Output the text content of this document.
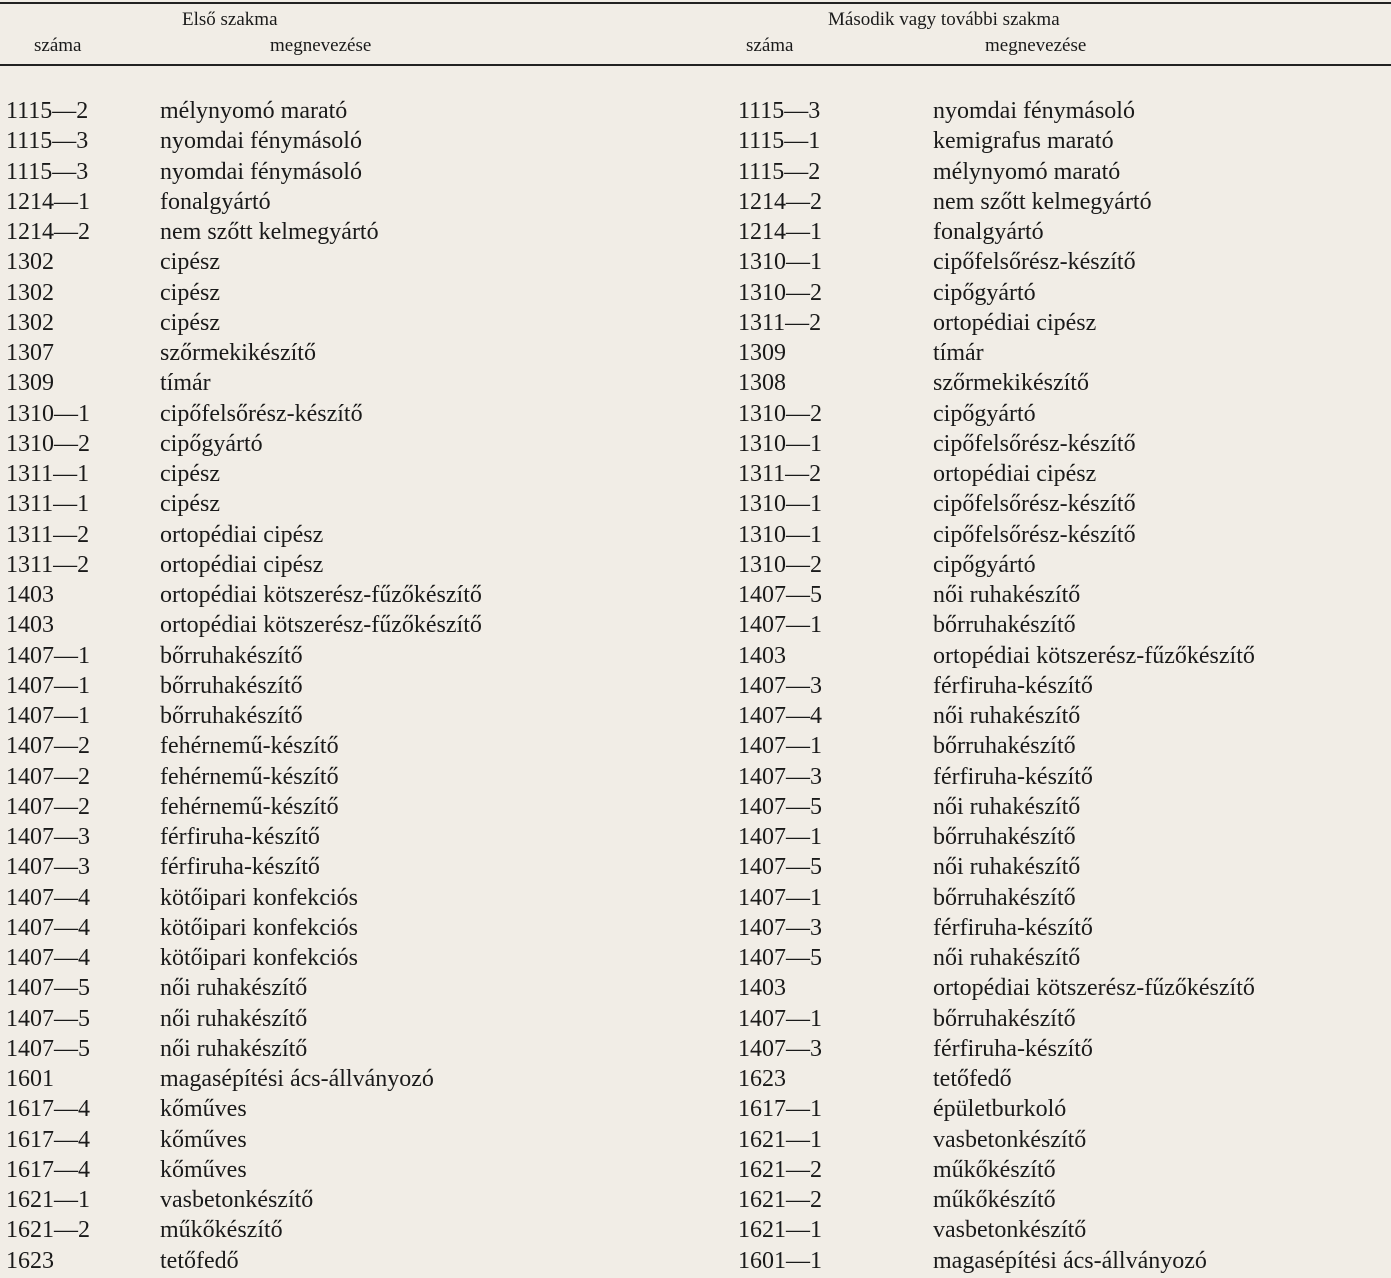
Első szakma
száma	megnevezése
Második vagy további szakma
száma	megnevezése
1115—2	mélynyomó marató	1115—3	nyomdai fénymásoló
1115—3	nyomdai fénymásoló	1115—1	kemigrafus marató
1115—3	nyomdai fénymásoló	1115—2	mélynyomó marató
1214—1	fonalgyártó	1214—2	nem szőtt kelmegyártó
1214—2	nem szőtt kelmegyártó	1214—1	fonalgyártó
1302	cipész	1310—1	cipőfelsőrész-készítő
1302	cipész	1310—2	cipőgyártó
1302	cipész	1311—2	ortopédiai cipész
1307	szőrmekikészítő	1309	tímár
1309	tímár	1308	szőrmekikészítő
1310—1	cipőfelsőrész-készítő	1310—2	cipőgyártó
1310—2	cipőgyártó	1310—1	cipőfelsőrész-készítő
1311—1	cipész	1311—2	ortopédiai cipész
1311—1	cipész	1310—1	cipőfelsőrész-készítő
1311—2	ortopédiai cipész	1310—1	cipőfelsőrész-készítő
1311—2	ortopédiai cipész	1310—2	cipőgyártó
1403	ortopédiai kötszerész-fűzőkészítő	1407—5	női ruhakészítő
1403	ortopédiai kötszerész-fűzőkészítő	1407—1	bőrruhakészítő
1407—1	bőrruhakészítő	1403	ortopédiai kötszerész-fűzőkészítő
1407—1	bőrruhakészítő	1407—3	férfiruha-készítő
1407—1	bőrruhakészítő	1407—4	női ruhakészítő
1407—2	fehérnemű-készítő	1407—1	bőrruhakészítő
1407—2	fehérnemű-készítő	1407—3	férfiruha-készítő
1407—2	fehérnemű-készítő	1407—5	női ruhakészítő
1407—3	férfiruha-készítő	1407—1	bőrruhakészítő
1407—3	férfiruha-készítő	1407—5	női ruhakészítő
1407—4	kötőipari konfekciós	1407—1	bőrruhakészítő
1407—4	kötőipari konfekciós	1407—3	férfiruha-készítő
1407—4	kötőipari konfekciós	1407—5	női ruhakészítő
1407—5	női ruhakészítő	1403	ortopédiai kötszerész-fűzőkészítő
1407—5	női ruhakészítő	1407—1	bőrruhakészítő
1407—5	női ruhakészítő	1407—3	férfiruha-készítő
1601	magasépítési ács-állványozó	1623	tetőfedő
1617—4	kőműves	1617—1	épületburkoló
1617—4	kőműves	1621—1	vasbetonkészítő
1617—4	kőműves	1621—2	műkőkészítő
1621—1	vasbetonkészítő	1621—2	műkőkészítő
1621—2	műkőkészítő	1621—1	vasbetonkészítő
1623	tetőfedő	1601—1	magasépítési ács-állványozó
